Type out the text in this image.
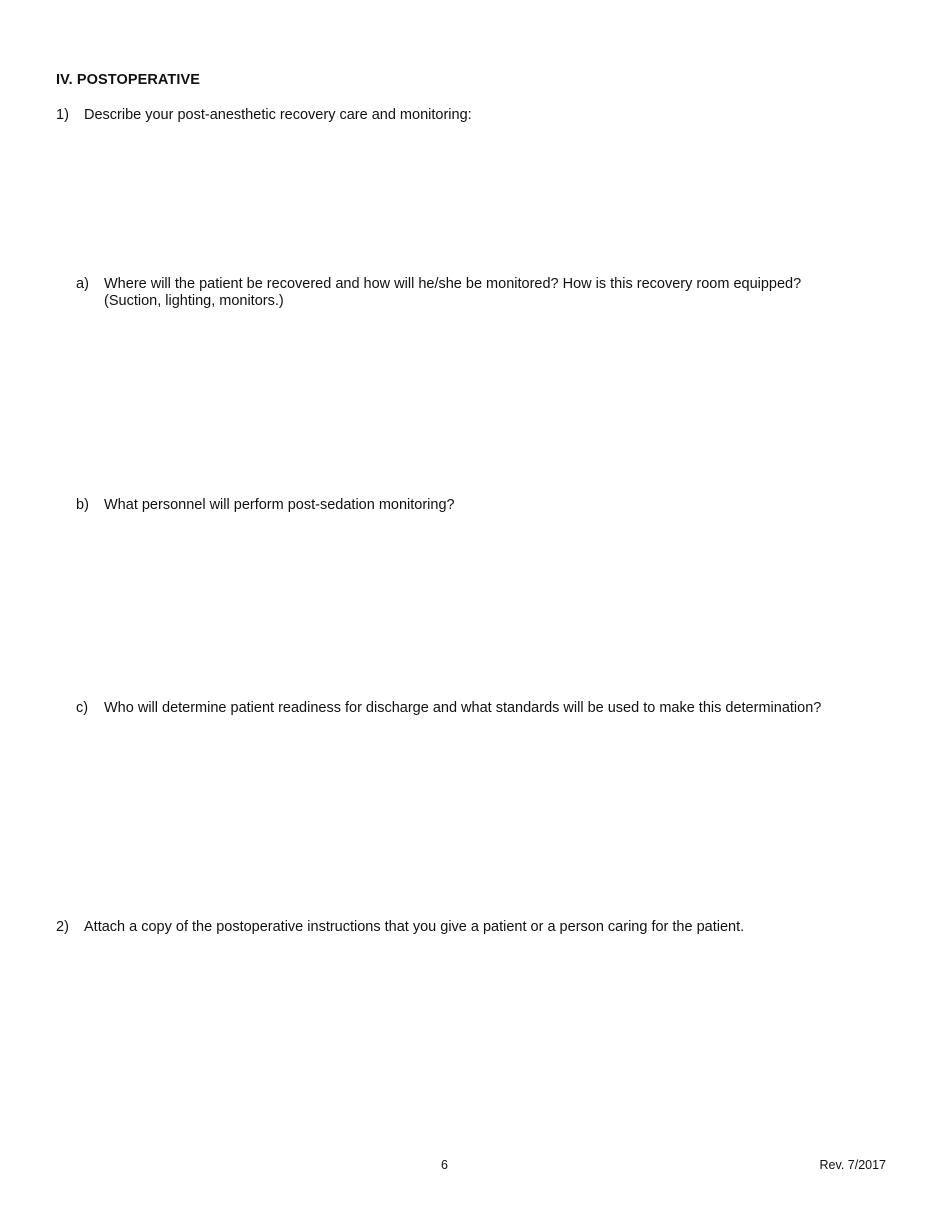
IV. POSTOPERATIVE
1) Describe your post-anesthetic recovery care and monitoring:
a) Where will the patient be recovered and how will he/she be monitored? How is this recovery room equipped?
(Suction, lighting, monitors.)
b) What personnel will perform post-sedation monitoring?
c) Who will determine patient readiness for discharge and what standards will be used to make this determination?
2) Attach a copy of the postoperative instructions that you give a patient or a person caring for the patient.
6	Rev. 7/2017
